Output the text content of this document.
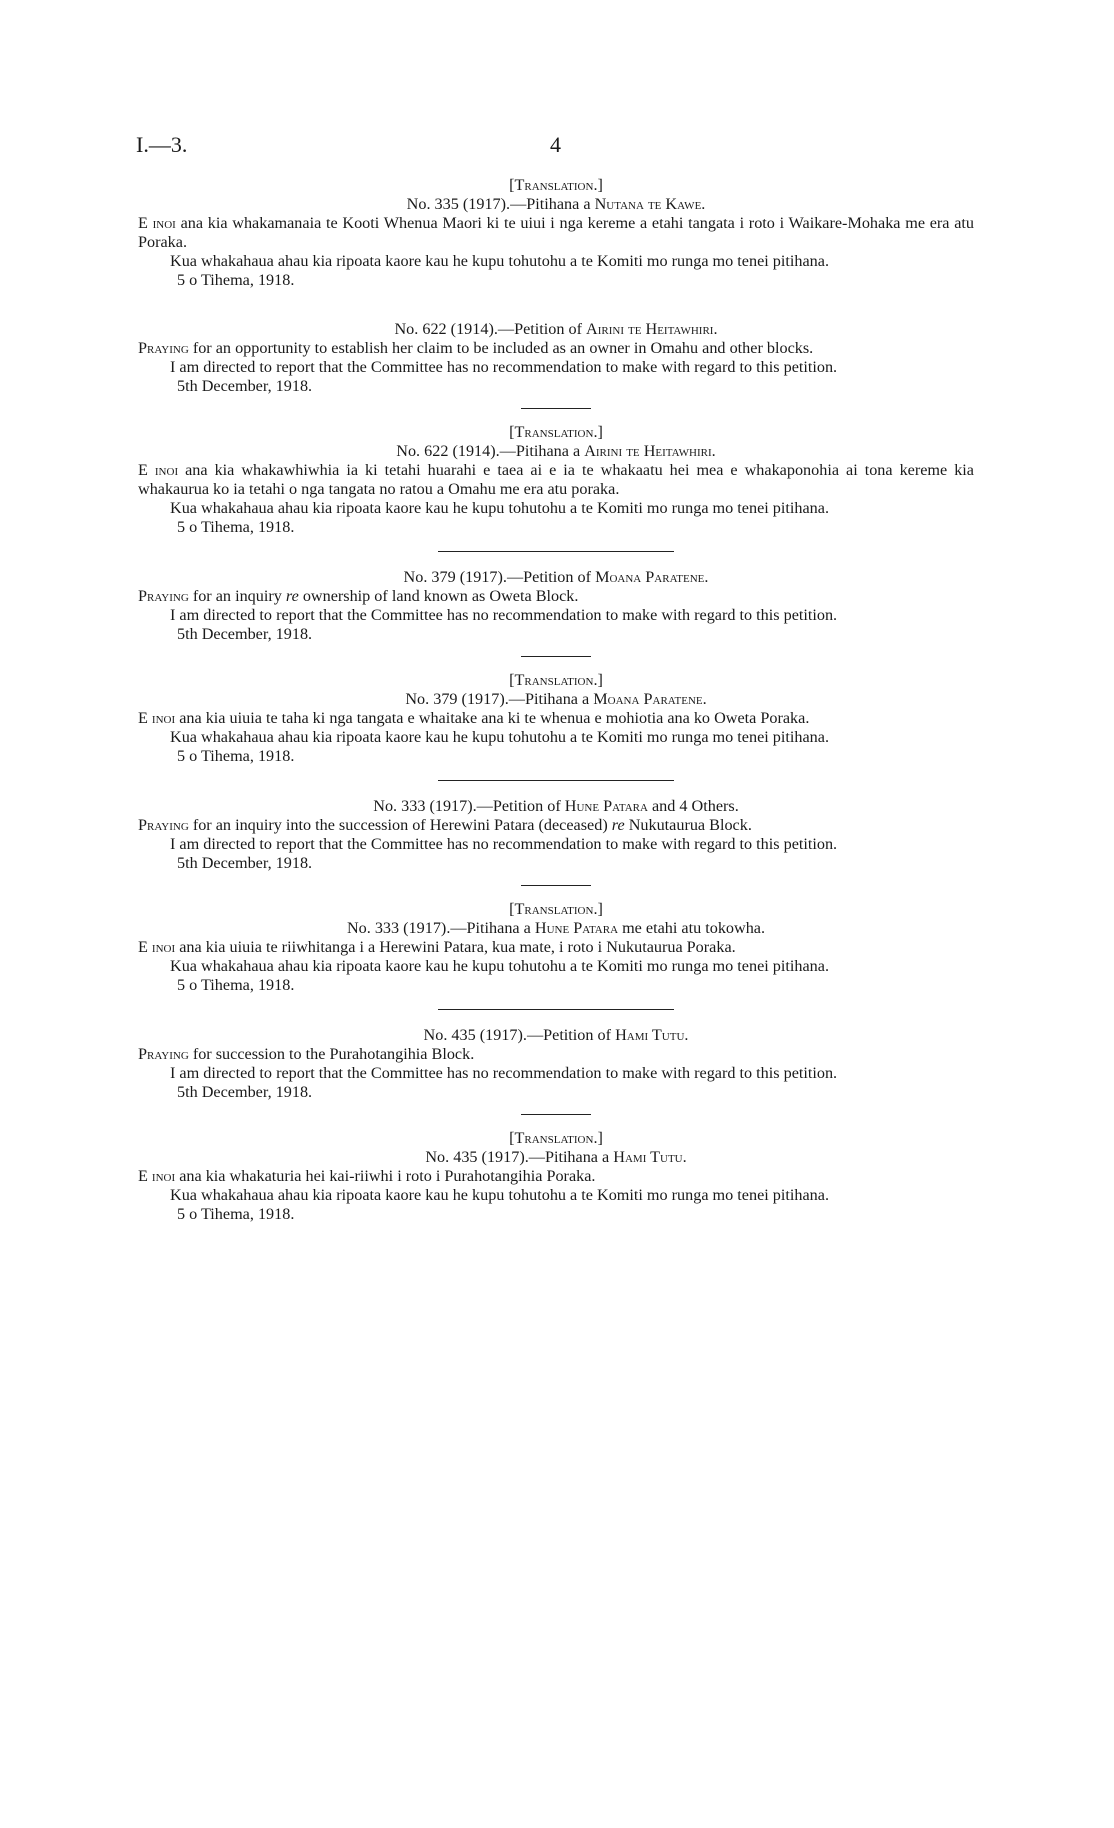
I.—3.	4
[Translation.]
No. 335 (1917).—Pitihana a Nutana te Kawe.

E inoi ana kia whakamanaia te Kooti Whenua Maori ki te uiui i nga kereme a etahi tangata i roto i Waikare-Mohaka me era atu Poraka.

Kua whakahaua ahau kia ripoata kaore kau he kupu tohutohu a te Komiti mo runga mo tenei pitihana.

5 o Tihema, 1918.
No. 622 (1914).—Petition of Airini te Heitawhiri.

Praying for an opportunity to establish her claim to be included as an owner in Omahu and other blocks.

I am directed to report that the Committee has no recommendation to make with regard to this petition.

5th December, 1918.
[Translation.]
No. 622 (1914).—Pitihana a Airini te Heitawhiri.

E inoi ana kia whakawhiwhia ia ki tetahi huarahi e taea ai e ia te whakaatu hei mea e whakaponohia ai tona kereme kia whakaurua ko ia tetahi o nga tangata no ratou a Omahu me era atu poraka.

Kua whakahaua ahau kia ripoata kaore kau he kupu tohutohu a te Komiti mo runga mo tenei pitihana.

5 o Tihema, 1918.
No. 379 (1917).—Petition of Moana Paratene.

Praying for an inquiry re ownership of land known as Oweta Block.

I am directed to report that the Committee has no recommendation to make with regard to this petition.

5th December, 1918.
[Translation.]
No. 379 (1917).—Pitihana a Moana Paratene.

E inoi ana kia uiuia te taha ki nga tangata e whaitake ana ki te whenua e mohiotia ana ko Oweta Poraka.

Kua whakahaua ahau kia ripoata kaore kau he kupu tohutohu a te Komiti mo runga mo tenei pitihana.

5 o Tihema, 1918.
No. 333 (1917).—Petition of Hune Patara and 4 Others.

Praying for an inquiry into the succession of Herewini Patara (deceased) re Nukutaurua Block.

I am directed to report that the Committee has no recommendation to make with regard to this petition.

5th December, 1918.
[Translation.]
No. 333 (1917).—Pitihana a Hune Patara me etahi atu tokowha.

E inoi ana kia uiuia te riiwhitanga i a Herewini Patara, kua mate, i roto i Nukutaurua Poraka.

Kua whakahaua ahau kia ripoata kaore kau he kupu tohutohu a te Komiti mo runga mo tenei pitihana.

5 o Tihema, 1918.
No. 435 (1917).—Petition of Hami Tutu.

Praying for succession to the Purahotangihia Block.

I am directed to report that the Committee has no recommendation to make with regard to this petition.

5th December, 1918.
[Translation.]
No. 435 (1917).—Pitihana a Hami Tutu.

E inoi ana kia whakaturia hei kai-riiwhi i roto i Purahotangihia Poraka.

Kua whakahaua ahau kia ripoata kaore kau he kupu tohutohu a te Komiti mo runga mo tenei pitihana.

5 o Tihema, 1918.
